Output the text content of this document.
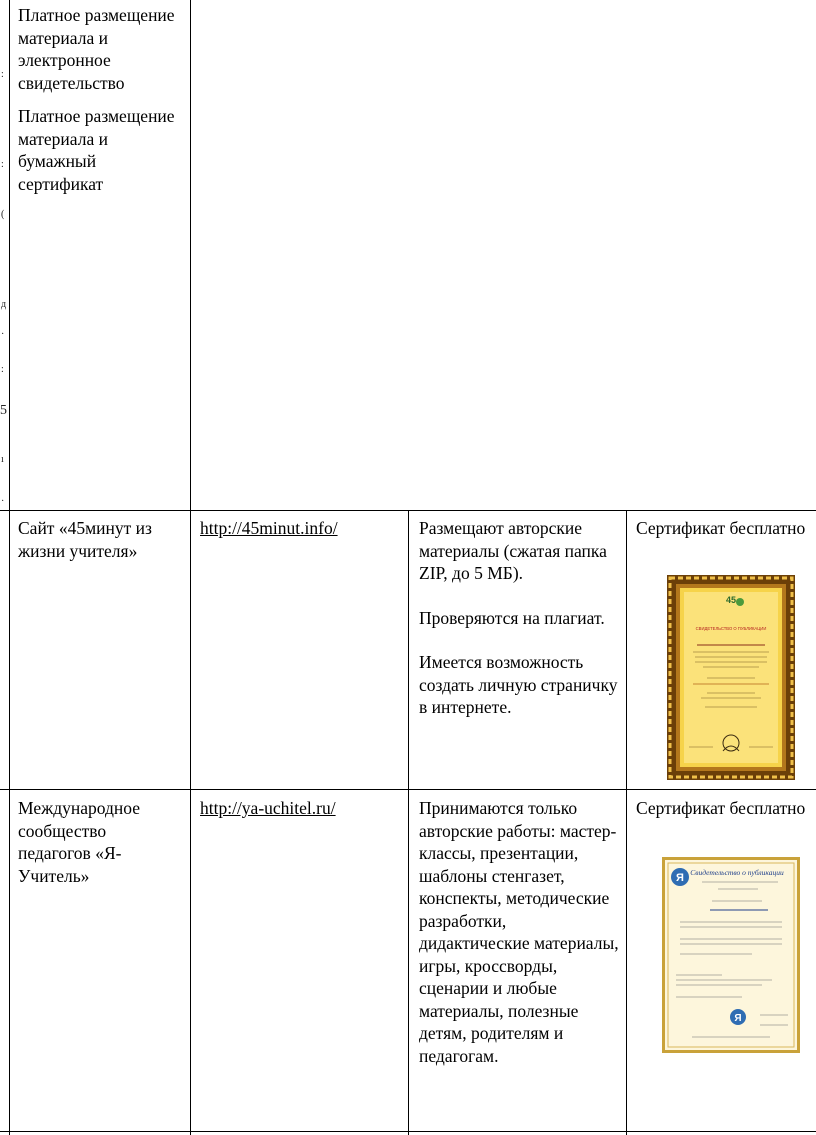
:
:
(
д
·
:
5
ı
·

Платное размещение материала и электронное свидетельство

Платное размещение материала и бумажный сертификат

Сайт «45минут из жизни учителя»

http://45minut.info/	Размещают авторские материалы (сжатая папка ZIP, до 5 МБ).

Проверяются на плагиат.

Имеется возможность создать личную страничку в интернете.

Сертификат бесплатно

45
СВИДЕТЕЛЬСТВО О ПУБЛИКАЦИИ

Международное сообщество педагогов «Я-Учитель»

http://ya-uchitel.ru/	Принимаются только авторские работы: мастер-классы, презентации, шаблоны стенгазет, конспекты, методические разработки, дидактические материалы, игры, кроссворды, сценарии и любые материалы, полезные детям, родителям и педагогам.

Сертификат бесплатно

Я Свидетельство о публикации
Я
